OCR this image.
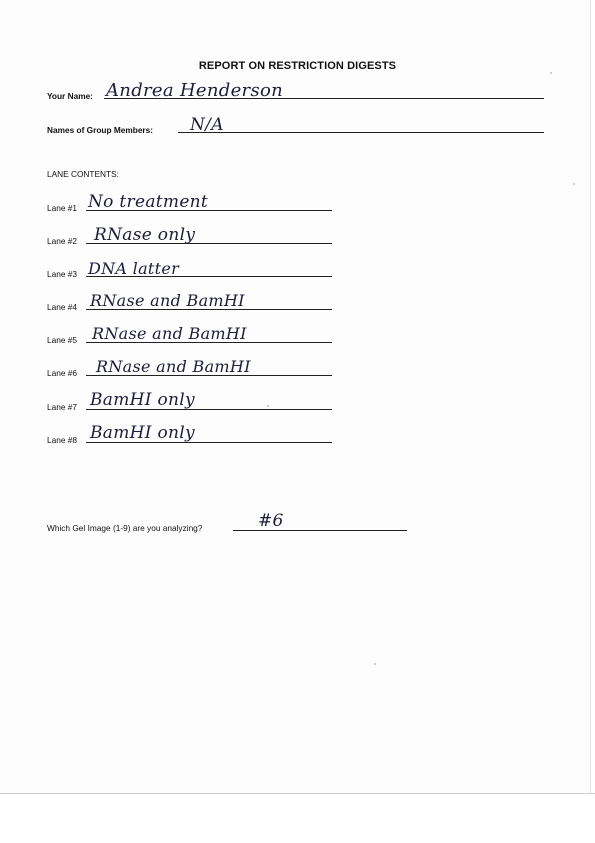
REPORT ON RESTRICTION DIGESTS
Your Name: Andrea Henderson
Names of Group Members: N/A
LANE CONTENTS:
Lane #1 No treatment
Lane #2 RNase only
Lane #3 DNA latter
Lane #4 RNase and BamHI
Lane #5 RNase and BamHI
Lane #6 RNase and BamHI
Lane #7 BamHI only
Lane #8 BamHI only
Which Gel Image (1-9) are you analyzing?	#6
